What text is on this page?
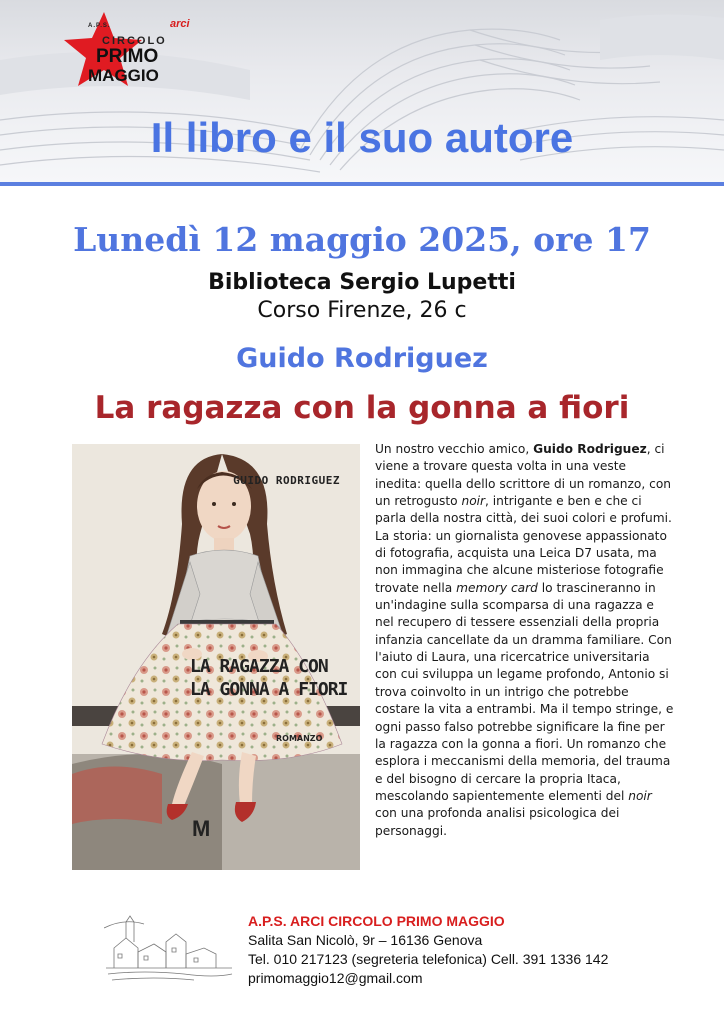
A.P.S.
CIRCOLO
PRIMO
MAGGIO
arci
Il libro e il suo autore
Lunedì 12 maggio 2025, ore 17
Biblioteca Sergio Lupetti
Corso Firenze, 26 c
Guido Rodriguez
La ragazza con la gonna a fiori
GUIDO RODRIGUEZ
LA RAGAZZA CON
LA GONNA A FIORI
ROMANZO
M

Un nostro vecchio amico, Guido Rodriguez, ci viene a trovare questa volta in una veste inedita: quella dello scrittore di un romanzo, con un retrogusto noir, intrigante e ben e che ci parla della nostra città, dei suoi colori e profumi. La storia: un giornalista genovese appassionato di fotografia, acquista una Leica D7 usata, ma non immagina che alcune misteriose fotografie trovate nella memory card lo trascineranno in un'indagine sulla scomparsa di una ragazza e nel recupero di tessere essenziali della propria infanzia cancellate da un dramma familiare. Con l'aiuto di Laura, una ricercatrice universitaria con cui sviluppa un legame profondo, Antonio si trova coinvolto in un intrigo che potrebbe costare la vita a entrambi. Ma il tempo stringe, e ogni passo falso potrebbe significare la fine per la ragazza con la gonna a fiori. Un romanzo che esplora i meccanismi della memoria, del trauma e del bisogno di cercare la propria Itaca, mescolando sapientemente elementi del noir con una profonda analisi psicologica dei personaggi.

A.P.S. ARCI CIRCOLO PRIMO MAGGIO
Salita San Nicolò, 9r – 16136 Genova
Tel. 010 217123 (segreteria telefonica) Cell. 391 1336 142
primomaggio12@gmail.com
